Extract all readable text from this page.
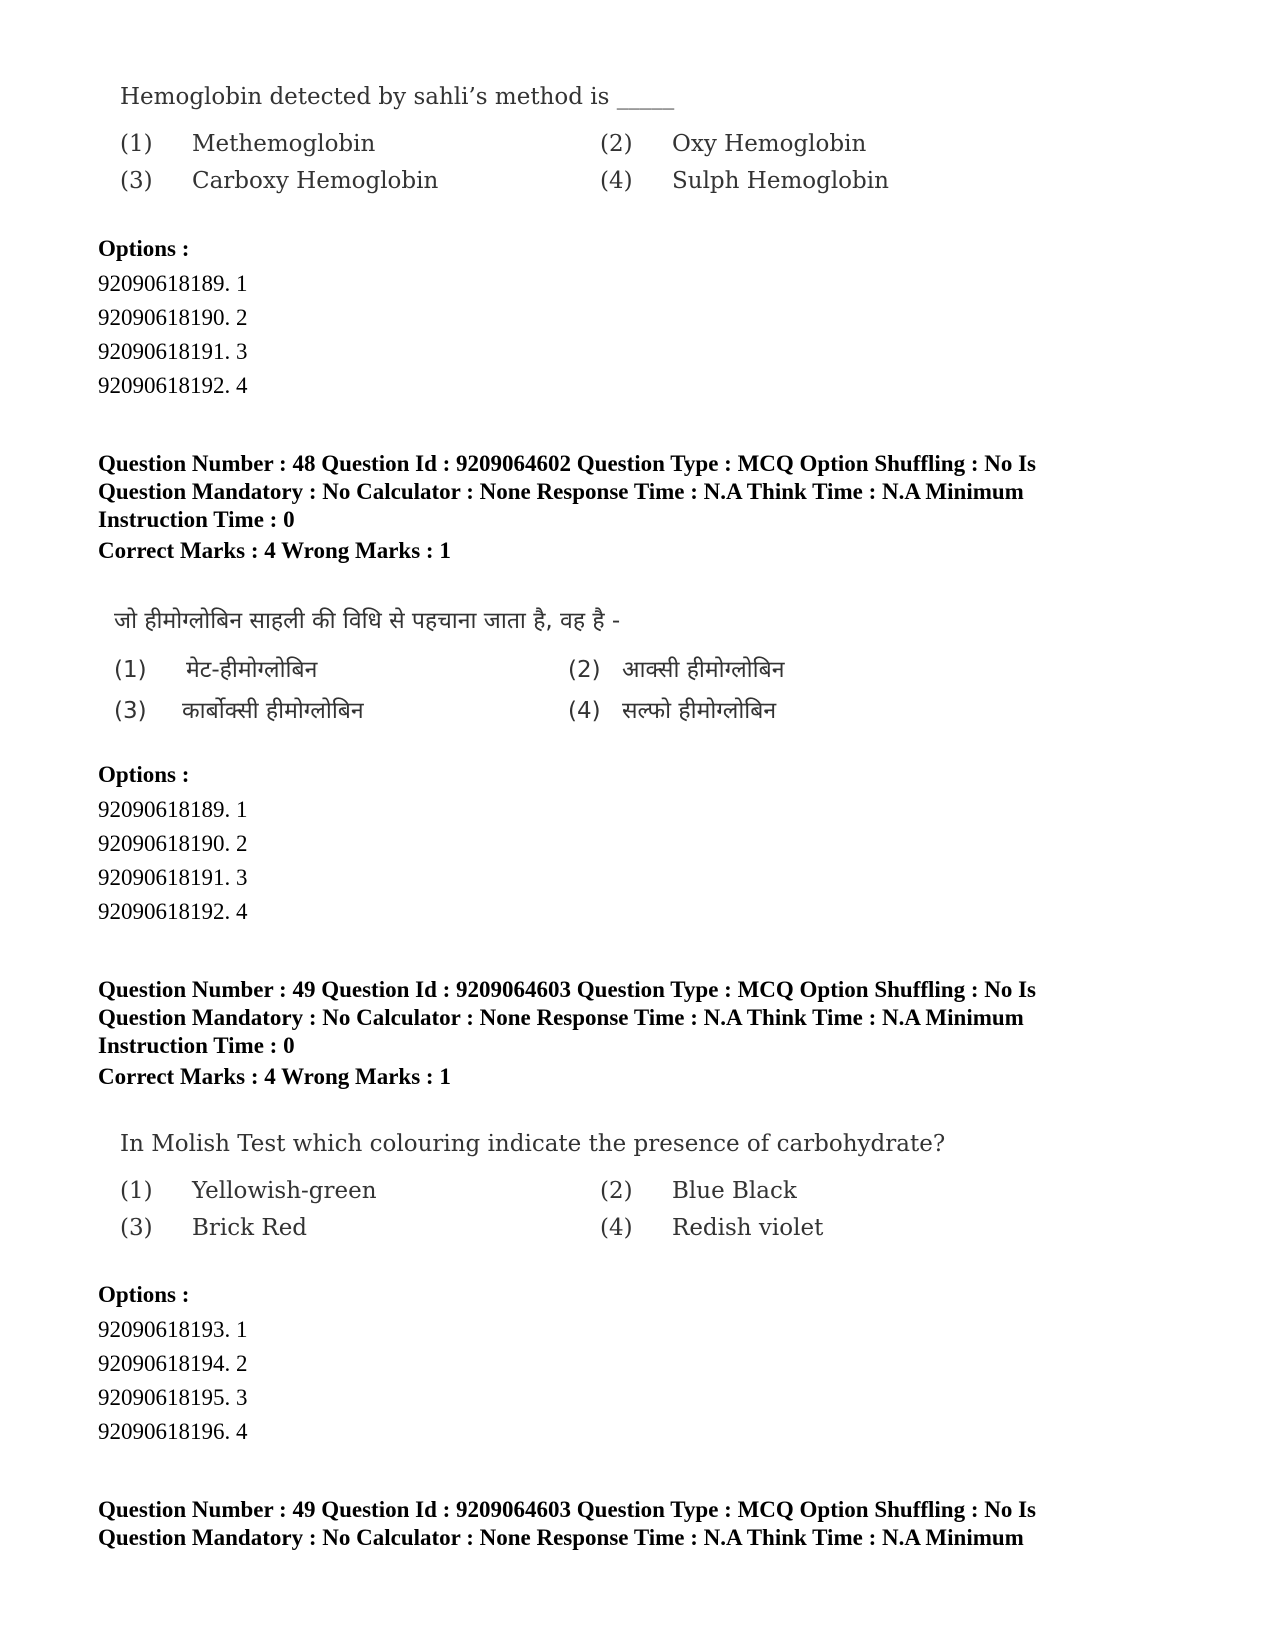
Hemoglobin detected by sahli’s method is _____
(1) Methemoglobin	(2) Oxy Hemoglobin
(3) Carboxy Hemoglobin	(4) Sulph Hemoglobin
Options :
92090618189. 1
92090618190. 2
92090618191. 3
92090618192. 4
Question Number : 48 Question Id : 9209064602 Question Type : MCQ Option Shuffling : No Is
Question Mandatory : No Calculator : None Response Time : N.A Think Time : N.A Minimum
Instruction Time : 0
Correct Marks : 4 Wrong Marks : 1
जो हीमोग्लोबिन साहली की विधि से पहचाना जाता है, वह है -
(1) मेट-हीमोग्लोबिन	(2) आक्सी हीमोग्लोबिन
(3) कार्बोक्सी हीमोग्लोबिन	(4) सल्फो हीमोग्लोबिन
Options :
92090618189. 1
92090618190. 2
92090618191. 3
92090618192. 4
Question Number : 49 Question Id : 9209064603 Question Type : MCQ Option Shuffling : No Is
Question Mandatory : No Calculator : None Response Time : N.A Think Time : N.A Minimum
Instruction Time : 0
Correct Marks : 4 Wrong Marks : 1
In Molish Test which colouring indicate the presence of carbohydrate?
(1) Yellowish-green	(2) Blue Black
(3) Brick Red	(4) Redish violet
Options :
92090618193. 1
92090618194. 2
92090618195. 3
92090618196. 4
Question Number : 49 Question Id : 9209064603 Question Type : MCQ Option Shuffling : No Is
Question Mandatory : No Calculator : None Response Time : N.A Think Time : N.A Minimum
